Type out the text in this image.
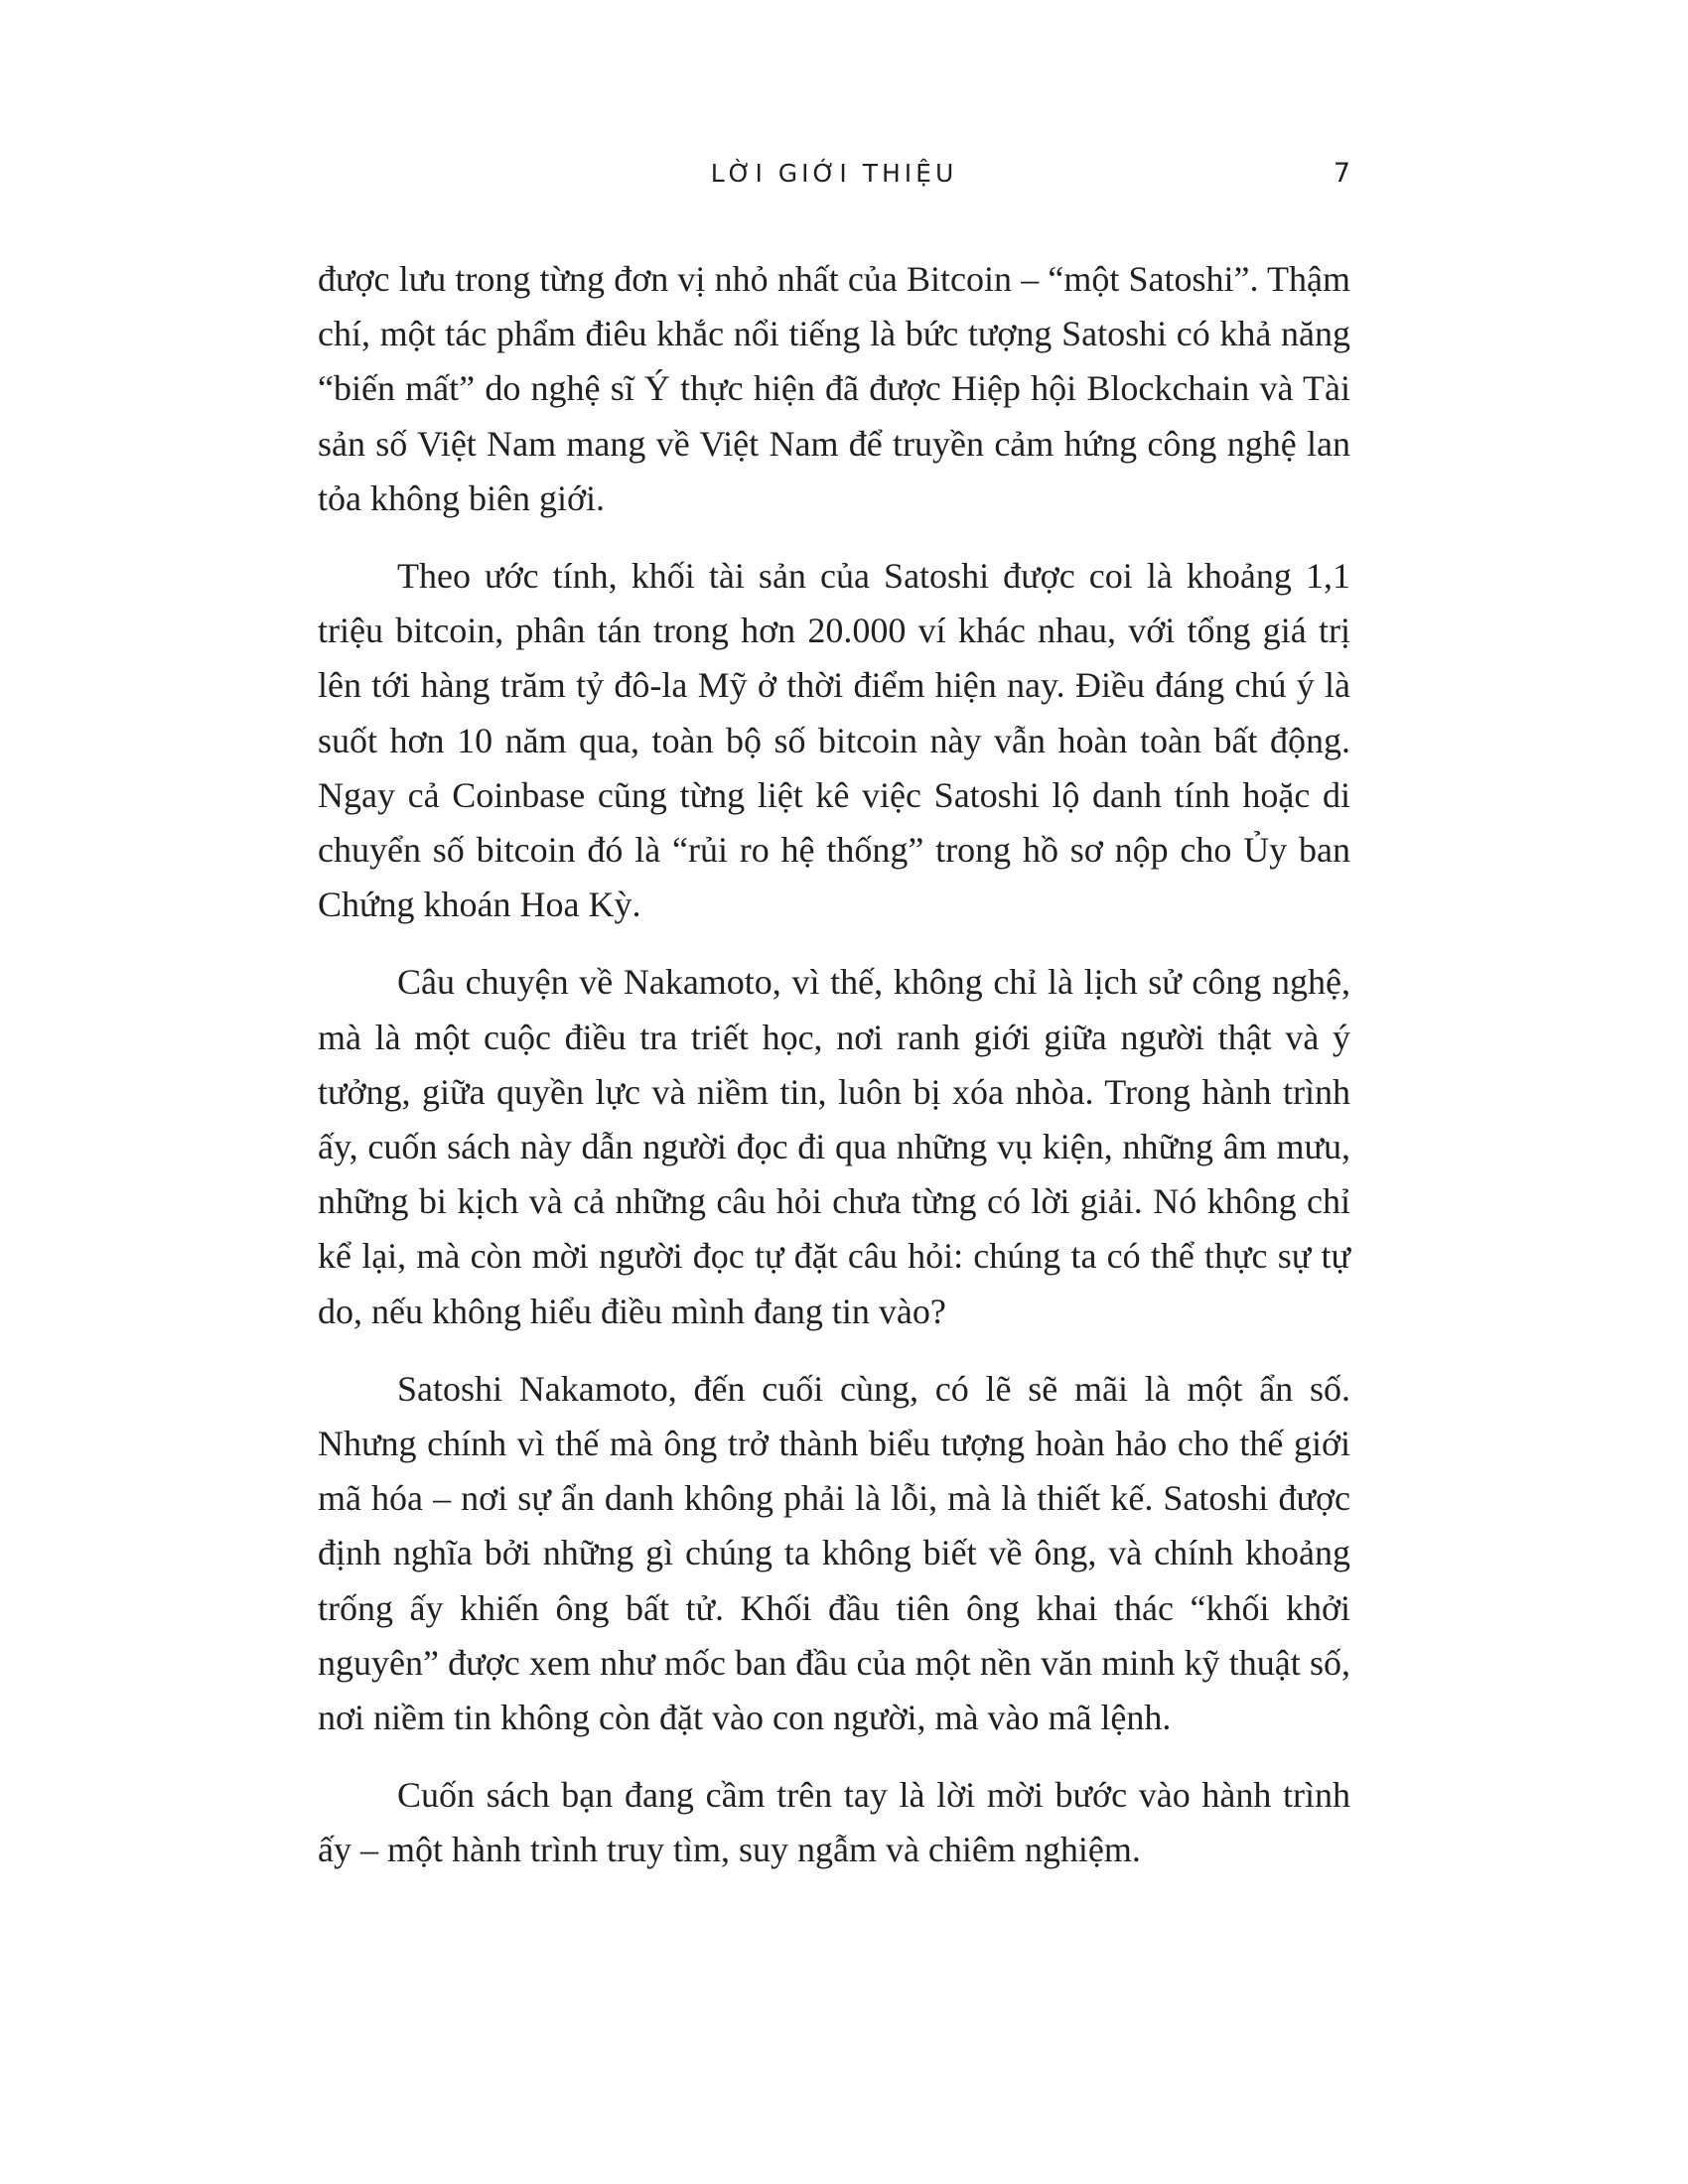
LỜI GIỚI THIỆU	7

được lưu trong từng đơn vị nhỏ nhất của Bitcoin – “một Satoshi”. Thậm chí, một tác phẩm điêu khắc nổi tiếng là bức tượng Satoshi có khả năng “biến mất” do nghệ sĩ Ý thực hiện đã được Hiệp hội Blockchain và Tài sản số Việt Nam mang về Việt Nam để truyền cảm hứng công nghệ lan tỏa không biên giới.

Theo ước tính, khối tài sản của Satoshi được coi là khoảng 1,1 triệu bitcoin, phân tán trong hơn 20.000 ví khác nhau, với tổng giá trị lên tới hàng trăm tỷ đô-la Mỹ ở thời điểm hiện nay. Điều đáng chú ý là suốt hơn 10 năm qua, toàn bộ số bitcoin này vẫn hoàn toàn bất động. Ngay cả Coinbase cũng từng liệt kê việc Satoshi lộ danh tính hoặc di chuyển số bitcoin đó là “rủi ro hệ thống” trong hồ sơ nộp cho Ủy ban Chứng khoán Hoa Kỳ.

Câu chuyện về Nakamoto, vì thế, không chỉ là lịch sử công nghệ, mà là một cuộc điều tra triết học, nơi ranh giới giữa người thật và ý tưởng, giữa quyền lực và niềm tin, luôn bị xóa nhòa. Trong hành trình ấy, cuốn sách này dẫn người đọc đi qua những vụ kiện, những âm mưu, những bi kịch và cả những câu hỏi chưa từng có lời giải. Nó không chỉ kể lại, mà còn mời người đọc tự đặt câu hỏi: chúng ta có thể thực sự tự do, nếu không hiểu điều mình đang tin vào?

Satoshi Nakamoto, đến cuối cùng, có lẽ sẽ mãi là một ẩn số. Nhưng chính vì thế mà ông trở thành biểu tượng hoàn hảo cho thế giới mã hóa – nơi sự ẩn danh không phải là lỗi, mà là thiết kế. Satoshi được định nghĩa bởi những gì chúng ta không biết về ông, và chính khoảng trống ấy khiến ông bất tử. Khối đầu tiên ông khai thác “khối khởi nguyên” được xem như mốc ban đầu của một nền văn minh kỹ thuật số, nơi niềm tin không còn đặt vào con người, mà vào mã lệnh.

Cuốn sách bạn đang cầm trên tay là lời mời bước vào hành trình ấy – một hành trình truy tìm, suy ngẫm và chiêm nghiệm.
